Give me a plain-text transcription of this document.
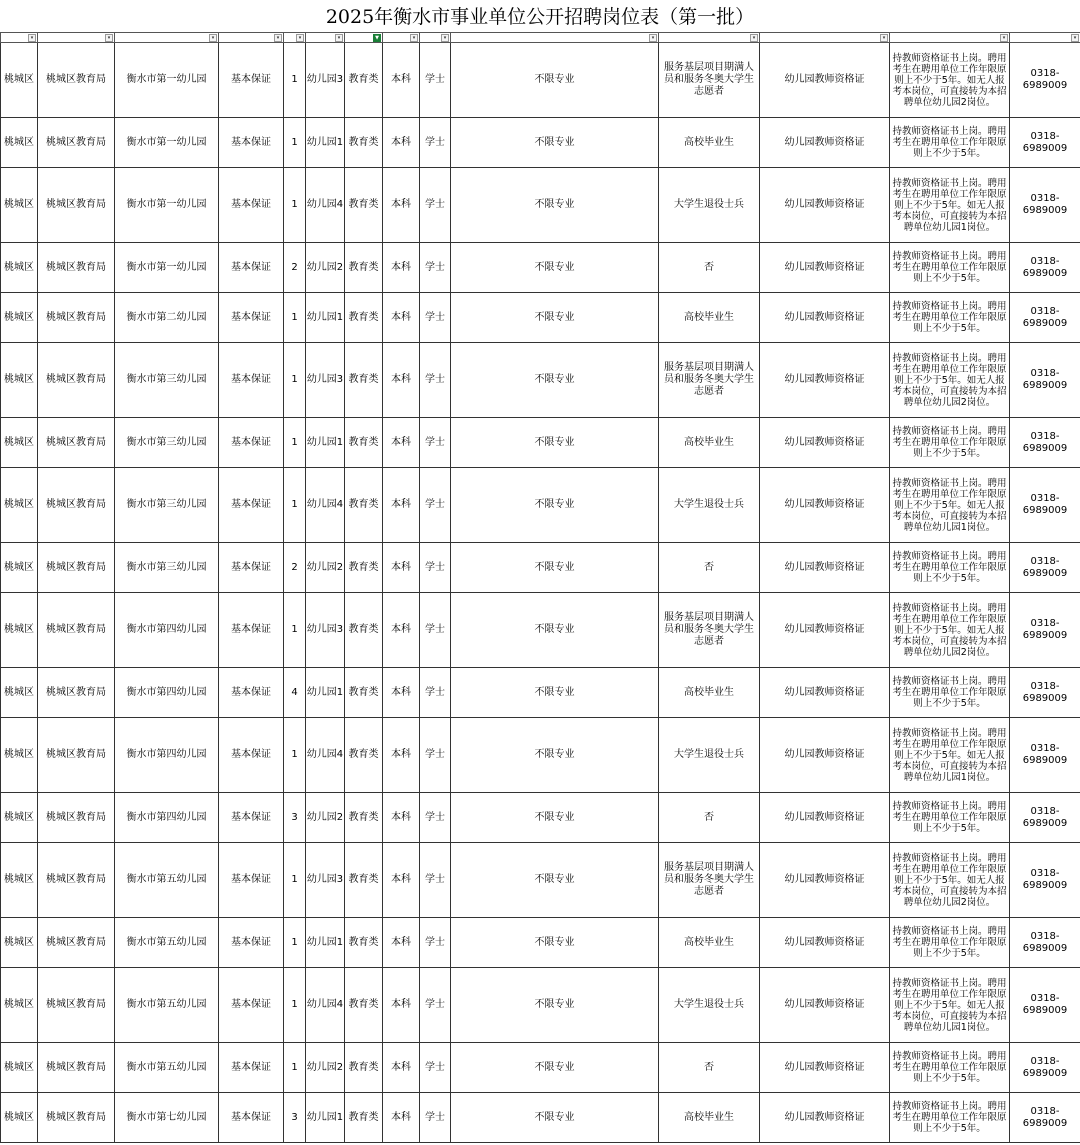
2025年衡水市事业单位公开招聘岗位表（第一批）
▾	▾	▾	▾	▾	▾	▼	▾	▾	▾	▾	▾	▾	▾

桃城区	桃城区教育局	衡水市第一幼儿园	基本保证	1	幼儿园3	教育类	本科	学士	不限专业	服务基层项目期满人员和服务冬奥大学生志愿者	幼儿园教师资格证	持教师资格证书上岗。聘用考生在聘用单位工作年限原则上不少于5年。如无人报考本岗位，可直接转为本招聘单位幼儿园2岗位。	0318-6989009
桃城区	桃城区教育局	衡水市第一幼儿园	基本保证	1	幼儿园1	教育类	本科	学士	不限专业	高校毕业生	幼儿园教师资格证	持教师资格证书上岗。聘用考生在聘用单位工作年限原则上不少于5年。	0318-6989009
桃城区	桃城区教育局	衡水市第一幼儿园	基本保证	1	幼儿园4	教育类	本科	学士	不限专业	大学生退役士兵	幼儿园教师资格证	持教师资格证书上岗。聘用考生在聘用单位工作年限原则上不少于5年。如无人报考本岗位，可直接转为本招聘单位幼儿园1岗位。	0318-6989009
桃城区	桃城区教育局	衡水市第一幼儿园	基本保证	2	幼儿园2	教育类	本科	学士	不限专业	否	幼儿园教师资格证	持教师资格证书上岗。聘用考生在聘用单位工作年限原则上不少于5年。	0318-6989009
桃城区	桃城区教育局	衡水市第二幼儿园	基本保证	1	幼儿园1	教育类	本科	学士	不限专业	高校毕业生	幼儿园教师资格证	持教师资格证书上岗。聘用考生在聘用单位工作年限原则上不少于5年。	0318-6989009
桃城区	桃城区教育局	衡水市第三幼儿园	基本保证	1	幼儿园3	教育类	本科	学士	不限专业	服务基层项目期满人员和服务冬奥大学生志愿者	幼儿园教师资格证	持教师资格证书上岗。聘用考生在聘用单位工作年限原则上不少于5年。如无人报考本岗位，可直接转为本招聘单位幼儿园2岗位。	0318-6989009
桃城区	桃城区教育局	衡水市第三幼儿园	基本保证	1	幼儿园1	教育类	本科	学士	不限专业	高校毕业生	幼儿园教师资格证	持教师资格证书上岗。聘用考生在聘用单位工作年限原则上不少于5年。	0318-6989009
桃城区	桃城区教育局	衡水市第三幼儿园	基本保证	1	幼儿园4	教育类	本科	学士	不限专业	大学生退役士兵	幼儿园教师资格证	持教师资格证书上岗。聘用考生在聘用单位工作年限原则上不少于5年。如无人报考本岗位，可直接转为本招聘单位幼儿园1岗位。	0318-6989009
桃城区	桃城区教育局	衡水市第三幼儿园	基本保证	2	幼儿园2	教育类	本科	学士	不限专业	否	幼儿园教师资格证	持教师资格证书上岗。聘用考生在聘用单位工作年限原则上不少于5年。	0318-6989009
桃城区	桃城区教育局	衡水市第四幼儿园	基本保证	1	幼儿园3	教育类	本科	学士	不限专业	服务基层项目期满人员和服务冬奥大学生志愿者	幼儿园教师资格证	持教师资格证书上岗。聘用考生在聘用单位工作年限原则上不少于5年。如无人报考本岗位，可直接转为本招聘单位幼儿园2岗位。	0318-6989009
桃城区	桃城区教育局	衡水市第四幼儿园	基本保证	4	幼儿园1	教育类	本科	学士	不限专业	高校毕业生	幼儿园教师资格证	持教师资格证书上岗。聘用考生在聘用单位工作年限原则上不少于5年。	0318-6989009
桃城区	桃城区教育局	衡水市第四幼儿园	基本保证	1	幼儿园4	教育类	本科	学士	不限专业	大学生退役士兵	幼儿园教师资格证	持教师资格证书上岗。聘用考生在聘用单位工作年限原则上不少于5年。如无人报考本岗位，可直接转为本招聘单位幼儿园1岗位。	0318-6989009
桃城区	桃城区教育局	衡水市第四幼儿园	基本保证	3	幼儿园2	教育类	本科	学士	不限专业	否	幼儿园教师资格证	持教师资格证书上岗。聘用考生在聘用单位工作年限原则上不少于5年。	0318-6989009
桃城区	桃城区教育局	衡水市第五幼儿园	基本保证	1	幼儿园3	教育类	本科	学士	不限专业	服务基层项目期满人员和服务冬奥大学生志愿者	幼儿园教师资格证	持教师资格证书上岗。聘用考生在聘用单位工作年限原则上不少于5年。如无人报考本岗位，可直接转为本招聘单位幼儿园2岗位。	0318-6989009
桃城区	桃城区教育局	衡水市第五幼儿园	基本保证	1	幼儿园1	教育类	本科	学士	不限专业	高校毕业生	幼儿园教师资格证	持教师资格证书上岗。聘用考生在聘用单位工作年限原则上不少于5年。	0318-6989009
桃城区	桃城区教育局	衡水市第五幼儿园	基本保证	1	幼儿园4	教育类	本科	学士	不限专业	大学生退役士兵	幼儿园教师资格证	持教师资格证书上岗。聘用考生在聘用单位工作年限原则上不少于5年。如无人报考本岗位，可直接转为本招聘单位幼儿园1岗位。	0318-6989009
桃城区	桃城区教育局	衡水市第五幼儿园	基本保证	1	幼儿园2	教育类	本科	学士	不限专业	否	幼儿园教师资格证	持教师资格证书上岗。聘用考生在聘用单位工作年限原则上不少于5年。	0318-6989009
桃城区	桃城区教育局	衡水市第七幼儿园	基本保证	3	幼儿园1	教育类	本科	学士	不限专业	高校毕业生	幼儿园教师资格证	持教师资格证书上岗。聘用考生在聘用单位工作年限原则上不少于5年。	0318-6989009
